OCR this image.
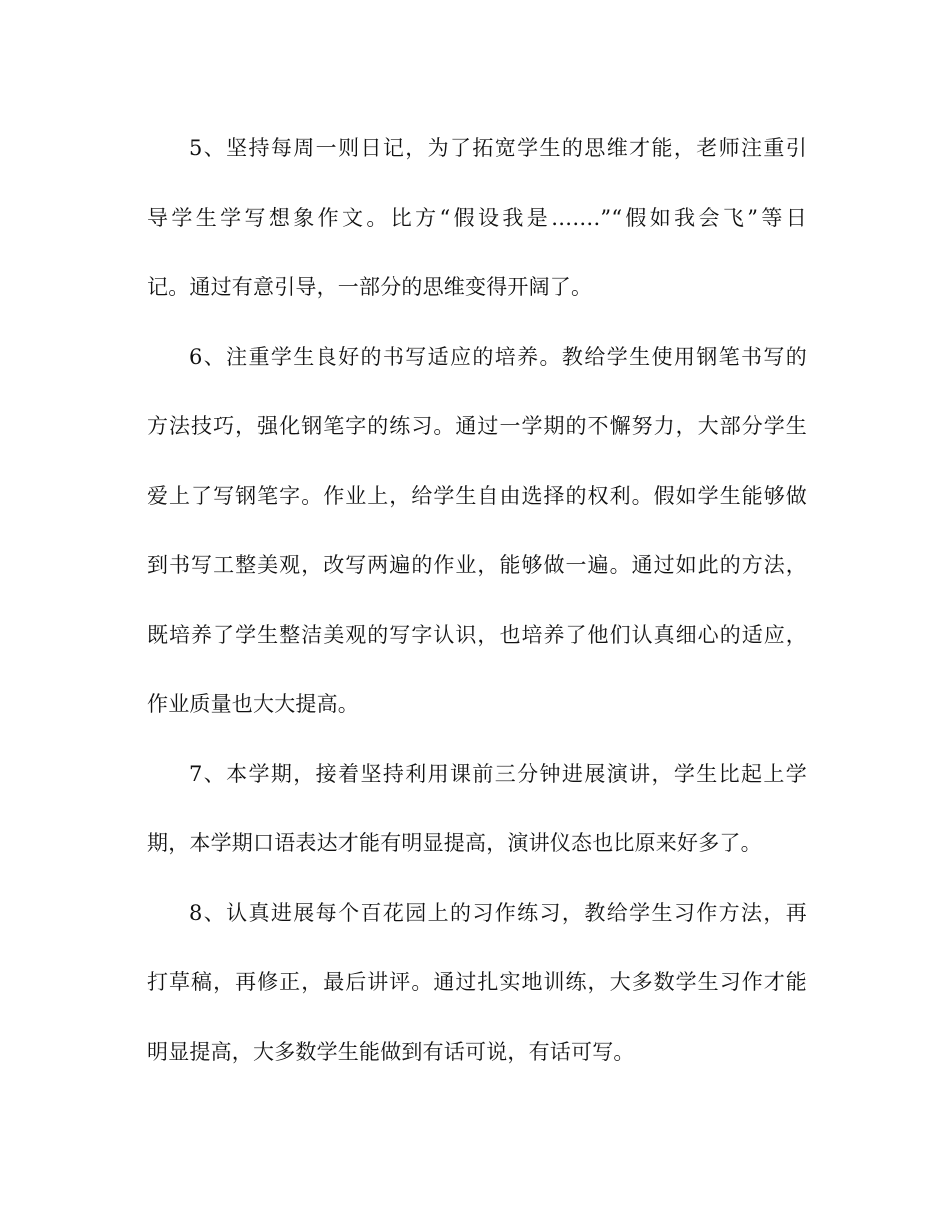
5、坚持每周一则日记，为了拓宽学生的思维才能，老师注重引
导学生学写想象作文。比方“假设我是…….”“假如我会飞”等日
记。通过有意引导，一部分的思维变得开阔了。
6、注重学生良好的书写适应的培养。教给学生使用钢笔书写的
方法技巧，强化钢笔字的练习。通过一学期的不懈努力，大部分学生
爱上了写钢笔字。作业上，给学生自由选择的权利。假如学生能够做
到书写工整美观，改写两遍的作业，能够做一遍。通过如此的方法，
既培养了学生整洁美观的写字认识，也培养了他们认真细心的适应，
作业质量也大大提高。
7、本学期，接着坚持利用课前三分钟进展演讲，学生比起上学
期，本学期口语表达才能有明显提高，演讲仪态也比原来好多了。
8、认真进展每个百花园上的习作练习，教给学生习作方法，再
打草稿，再修正，最后讲评。通过扎实地训练，大多数学生习作才能
明显提高，大多数学生能做到有话可说，有话可写。
